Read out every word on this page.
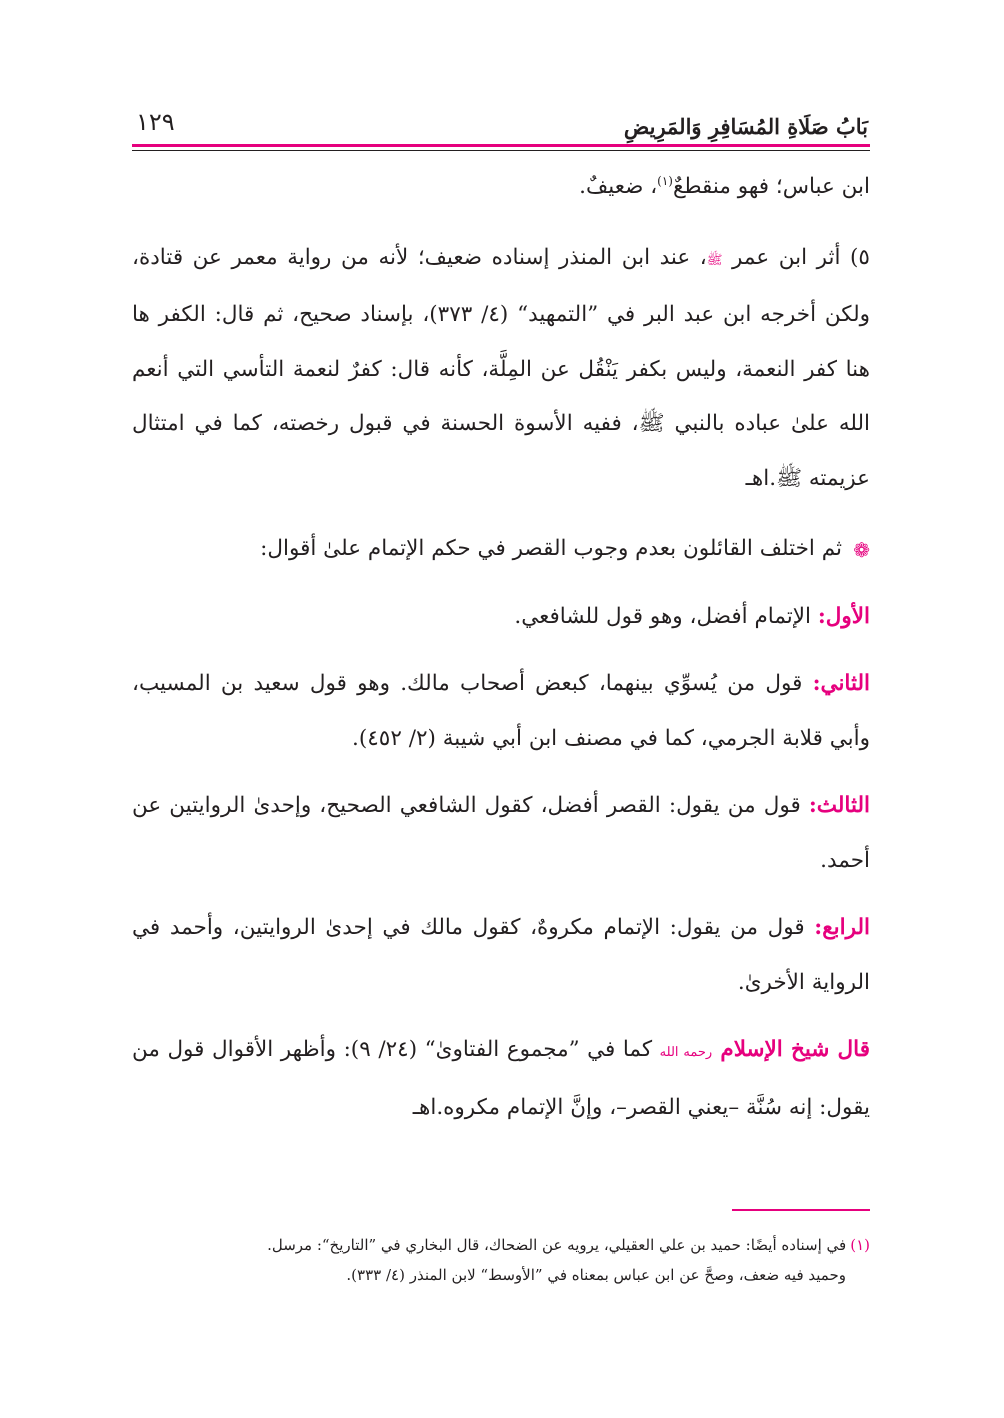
بَابُ صَلَاةِ المُسَافِرِ وَالمَرِيضِ
١٢٩

ابن عباس؛ فهو منقطعٌ$^{(١)}$، ضعيفٌ.

٥) أثر ابن عمر ﷺ، عند ابن المنذر إسناده ضعيف؛ لأنه من رواية معمر عن قتادة، ولكن أخرجه ابن عبد البر في ”التمهيد“ (٤/ ٣٧٣)، بإسناد صحيح، ثم قال: الكفر ها هنا كفر النعمة، وليس بكفر يَنْقُل عن المِلَّة، كأنه قال: كفرٌ لنعمة التأسي التي أنعم الله علىٰ عباده بالنبي ﷺ، ففيه الأسوة الحسنة في قبول رخصته، كما في امتثال عزيمته ﷺ.اهـ

❁ثم اختلف القائلون بعدم وجوب القصر في حكم الإتمام علىٰ أقوال:

الأول: الإتمام أفضل، وهو قول للشافعي.

الثاني: قول من يُسوِّي بينهما، كبعض أصحاب مالك. وهو قول سعيد بن المسيب، وأبي قلابة الجرمي، كما في مصنف ابن أبي شيبة (٢/ ٤٥٢).

الثالث: قول من يقول: القصر أفضل، كقول الشافعي الصحيح، وإحدىٰ الروايتين عن أحمد.

الرابع: قول من يقول: الإتمام مكروهٌ، كقول مالك في إحدىٰ الروايتين، وأحمد في الرواية الأخرىٰ.

قال شيخ الإسلام رحمه الله كما في ”مجموع الفتاوىٰ“ (٢٤/ ٩): وأظهر الأقوال قول من يقول: إنه سُنَّة –يعني القصر–، وإنَّ الإتمام مكروه.اهـ

(١)في إسناده أيضًا: حميد بن علي العقيلي، يرويه عن الضحاك، قال البخاري في ”التاريخ“: مرسل.

وحميد فيه ضعف، وصحَّ عن ابن عباس بمعناه في ”الأوسط“ لابن المنذر (٤/ ٣٣٣).
